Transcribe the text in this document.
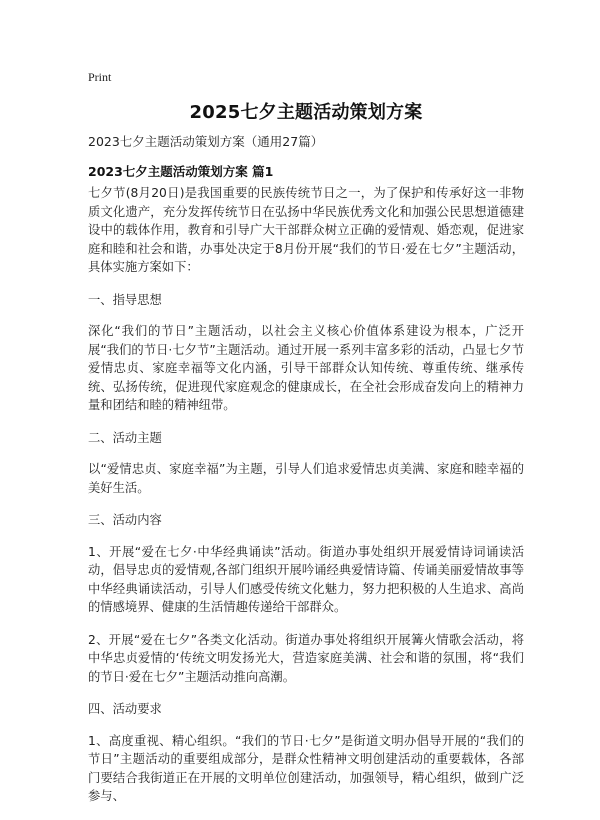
Print
2025七夕主题活动策划方案
2023七夕主题活动策划方案（通用27篇）
2023七夕主题活动策划方案 篇1

七夕节(8月20日)是我国重要的民族传统节日之一，为了保护和传承好这一非物质文化遗产，充分发挥传统节日在弘扬中华民族优秀文化和加强公民思想道德建设中的载体作用，教育和引导广大干部群众树立正确的爱情观、婚恋观，促进家庭和睦和社会和谐，办事处决定于8月份开展“我们的节日·爱在七夕”主题活动，具体实施方案如下：

一、指导思想

深化“我们的节日”主题活动，以社会主义核心价值体系建设为根本，广泛开展“我们的节日·七夕节”主题活动。通过开展一系列丰富多彩的活动，凸显七夕节爱情忠贞、家庭幸福等文化内涵，引导干部群众认知传统、尊重传统、继承传统、弘扬传统，促进现代家庭观念的健康成长，在全社会形成奋发向上的精神力量和团结和睦的精神纽带。

二、活动主题

以“爱情忠贞、家庭幸福”为主题，引导人们追求爱情忠贞美满、家庭和睦幸福的美好生活。

三、活动内容

1、开展“爱在七夕·中华经典诵读”活动。街道办事处组织开展爱情诗词诵读活动，倡导忠贞的爱情观,各部门组织开展吟诵经典爱情诗篇、传诵美丽爱情故事等中华经典诵读活动，引导人们感受传统文化魅力，努力把积极的人生追求、高尚的情感境界、健康的生活情趣传递给干部群众。

2、开展“爱在七夕”各类文化活动。街道办事处将组织开展篝火情歌会活动，将中华忠贞爱情的‘传统文明发扬光大，营造家庭美满、社会和谐的氛围，将“我们的节日·爱在七夕”主题活动推向高潮。

四、活动要求

1、高度重视、精心组织。“我们的节日·七夕”是街道文明办倡导开展的“我们的节日”主题活动的重要组成部分，是群众性精神文明创建活动的重要载体，各部门要结合我街道正在开展的文明单位创建活动，加强领导，精心组织，做到广泛参与、
